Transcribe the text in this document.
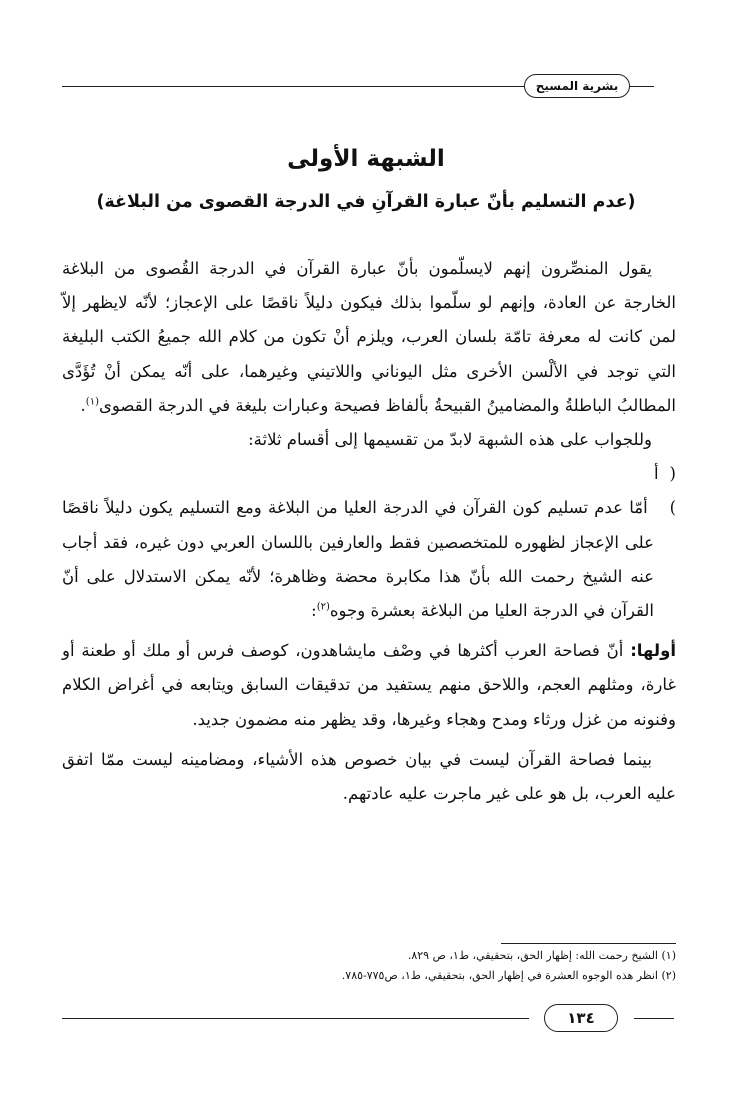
بشرية المسيح
الشبهة الأولى
(عدم التسليم بأنّ عبارة القرآنِ في الدرجة القصوى من البلاغة)

يقول المنصِّرون إنهم لايسلّمون بأنّ عبارة القرآن في الدرجة القُصوى من البلاغة الخارجة عن العادة، وإنهم لو سلّموا بذلك فيكون دليلاً ناقصًا على الإعجاز؛ لأنّه لايظهر إلاّ لمن كانت له معرفة تامّة بلسان العرب، ويلزم أنْ تكون من كلام الله جميعُ الكتب البليغة التي توجد في الألْسن الأخرى مثل اليوناني واللاتيني وغيرهما، على أنّه يمكن أنْ تُؤَدَّى المطالبُ الباطلةُ والمضامينُ القبيحةُ بألفاظ فصيحة وعبارات بليغة في الدرجة القصوى$^{(١)}$.

وللجواب على هذه الشبهة لابدّ من تقسيمها إلى أقسام ثلاثة:

( أ ) أمّا عدم تسليم كون القرآن في الدرجة العليا من البلاغة ومع التسليم يكون دليلاً ناقصًا على الإعجاز لظهوره للمتخصصين فقط والعارفين باللسان العربي دون غيره، فقد أجاب عنه الشيخ رحمت الله بأنّ هذا مكابرة محضة وظاهرة؛ لأنّه يمكن الاستدلال على أنّ القرآن في الدرجة العليا من البلاغة بعشرة وجوه$^{(٢)}$:

أولها: أنّ فصاحة العرب أكثرها في وصْف مايشاهدون، كوصف فرس أو ملك أو طعنة أو غارة، ومثلهم العجم، واللاحق منهم يستفيد من تدقيقات السابق ويتابعه في أغراض الكلام وفنونه من غزل ورثاء ومدح وهجاء وغيرها، وقد يظهر منه مضمون جديد.

بينما فصاحة القرآن ليست في بيان خصوص هذه الأشياء، ومضامينه ليست ممّا اتفق عليه العرب، بل هو على غير ماجرت عليه عادتهم.

(١) الشيخ رحمت الله: إظهار الحق، بتحقيقي، ط١، ص ٨٢٩.

(٢) انظر هذه الوجوه العشرة في إظهار الحق، بتحقيقي، ط١، ص٧٧٥-٧٨٥.

١٣٤
